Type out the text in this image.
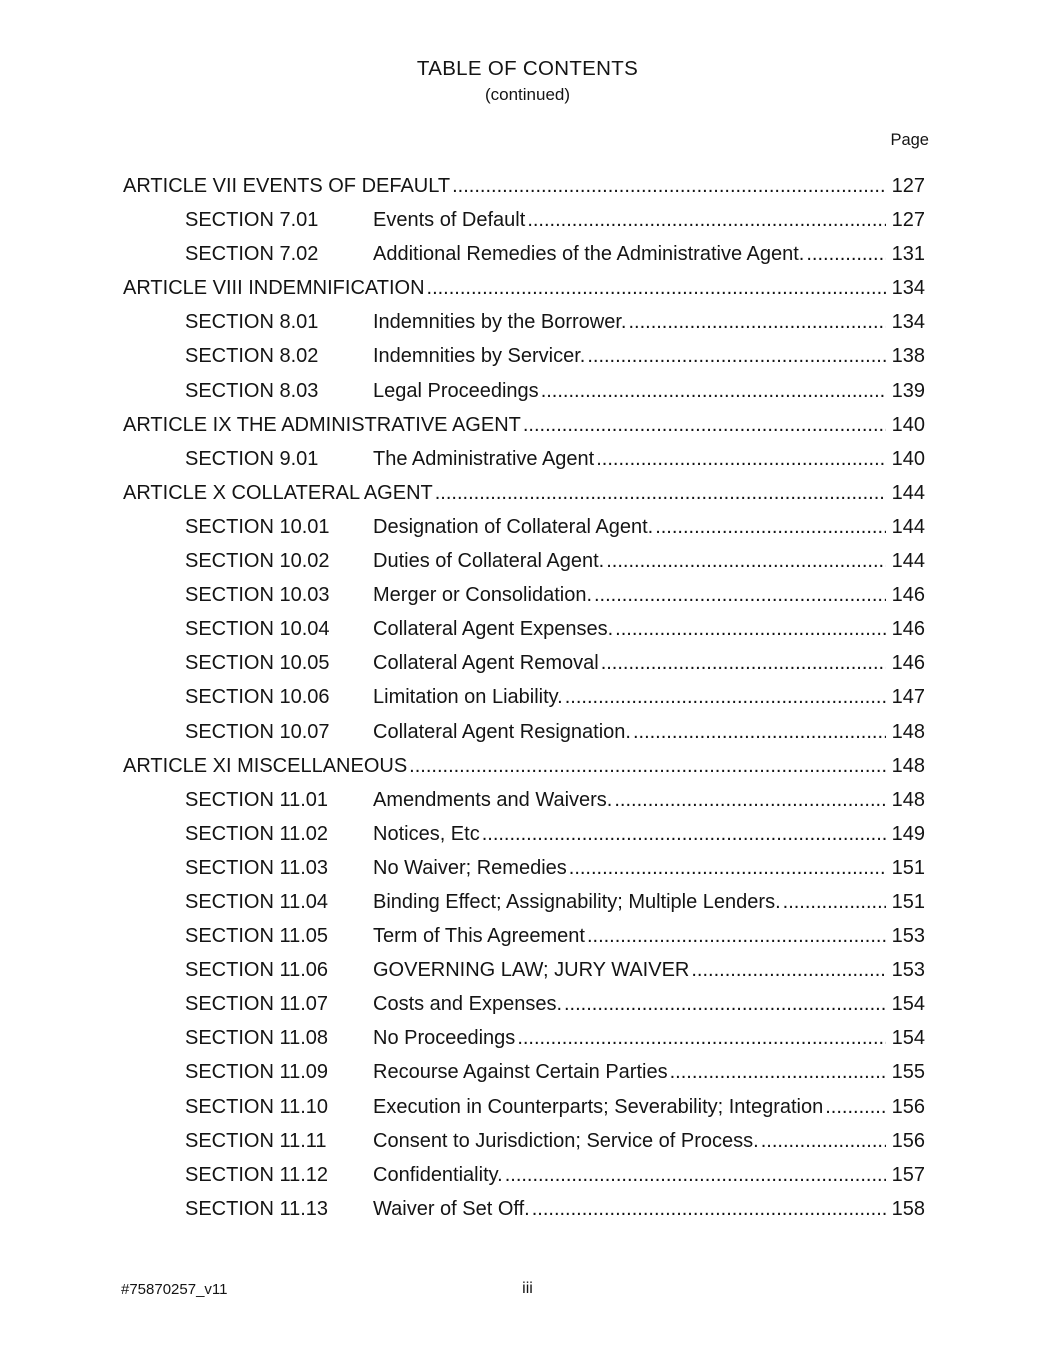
TABLE OF CONTENTS
(continued)
Page
ARTICLE VII EVENTS OF DEFAULT .....	127
SECTION 7.01	Events of Default .....	127
SECTION 7.02	Additional Remedies of the Administrative Agent. .....	131
ARTICLE VIII INDEMNIFICATION .....	134
SECTION 8.01	Indemnities by the Borrower. .....	134
SECTION 8.02	Indemnities by Servicer. .....	138
SECTION 8.03	Legal Proceedings .....	139
ARTICLE IX THE ADMINISTRATIVE AGENT .....	140
SECTION 9.01	The Administrative Agent .....	140
ARTICLE X COLLATERAL AGENT .....	144
SECTION 10.01	Designation of Collateral Agent. .....	144
SECTION 10.02	Duties of Collateral Agent. .....	144
SECTION 10.03	Merger or Consolidation. .....	146
SECTION 10.04	Collateral Agent Expenses. .....	146
SECTION 10.05	Collateral Agent Removal .....	146
SECTION 10.06	Limitation on Liability. .....	147
SECTION 10.07	Collateral Agent Resignation. .....	148
ARTICLE XI MISCELLANEOUS .....	148
SECTION 11.01	Amendments and Waivers. .....	148
SECTION 11.02	Notices, Etc .....	149
SECTION 11.03	No Waiver; Remedies .....	151
SECTION 11.04	Binding Effect; Assignability; Multiple Lenders. .....	151
SECTION 11.05	Term of This Agreement .....	153
SECTION 11.06	GOVERNING LAW; JURY WAIVER .....	153
SECTION 11.07	Costs and Expenses. .....	154
SECTION 11.08	No Proceedings .....	154
SECTION 11.09	Recourse Against Certain Parties .....	155
SECTION 11.10	Execution in Counterparts; Severability; Integration .....	156
SECTION 11.11	Consent to Jurisdiction; Service of Process. .....	156
SECTION 11.12	Confidentiality. .....	157
SECTION 11.13	Waiver of Set Off. .....	158
#75870257_v11	iii
